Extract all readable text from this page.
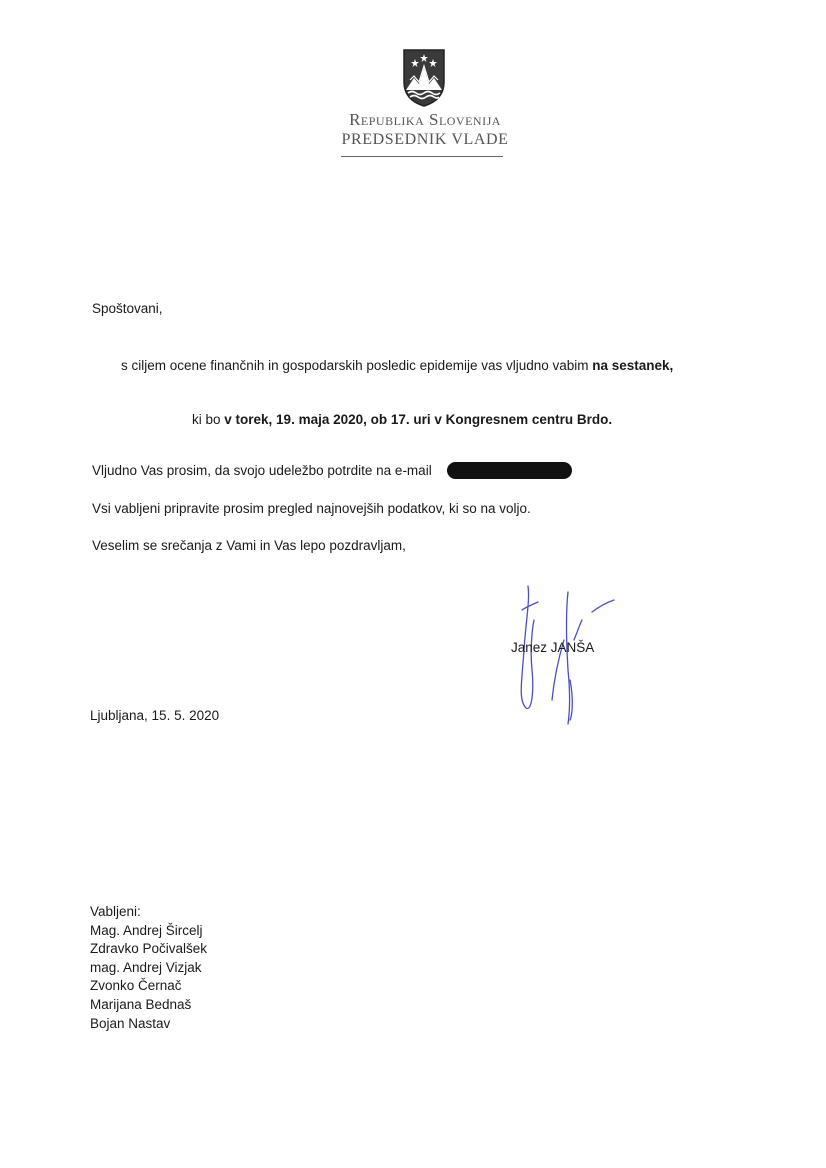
Republika Slovenija
PREDSEDNIK VLADE
Spoštovani,
s ciljem ocene finančnih in gospodarskih posledic epidemije vas vljudno vabim na sestanek,
ki bo v torek, 19. maja 2020, ob 17. uri v Kongresnem centru Brdo.
Vljudno Vas prosim, da svojo udeležbo potrdite na e-mail
Vsi vabljeni pripravite prosim pregled najnovejših podatkov, ki so na voljo.
Veselim se srečanja z Vami in Vas lepo pozdravljam,
Janez JANŠA
Ljubljana, 15. 5. 2020
Vabljeni:
Mag. Andrej Šircelj
Zdravko Počivalšek
mag. Andrej Vizjak
Zvonko Černač
Marijana Bednaš
Bojan Nastav
